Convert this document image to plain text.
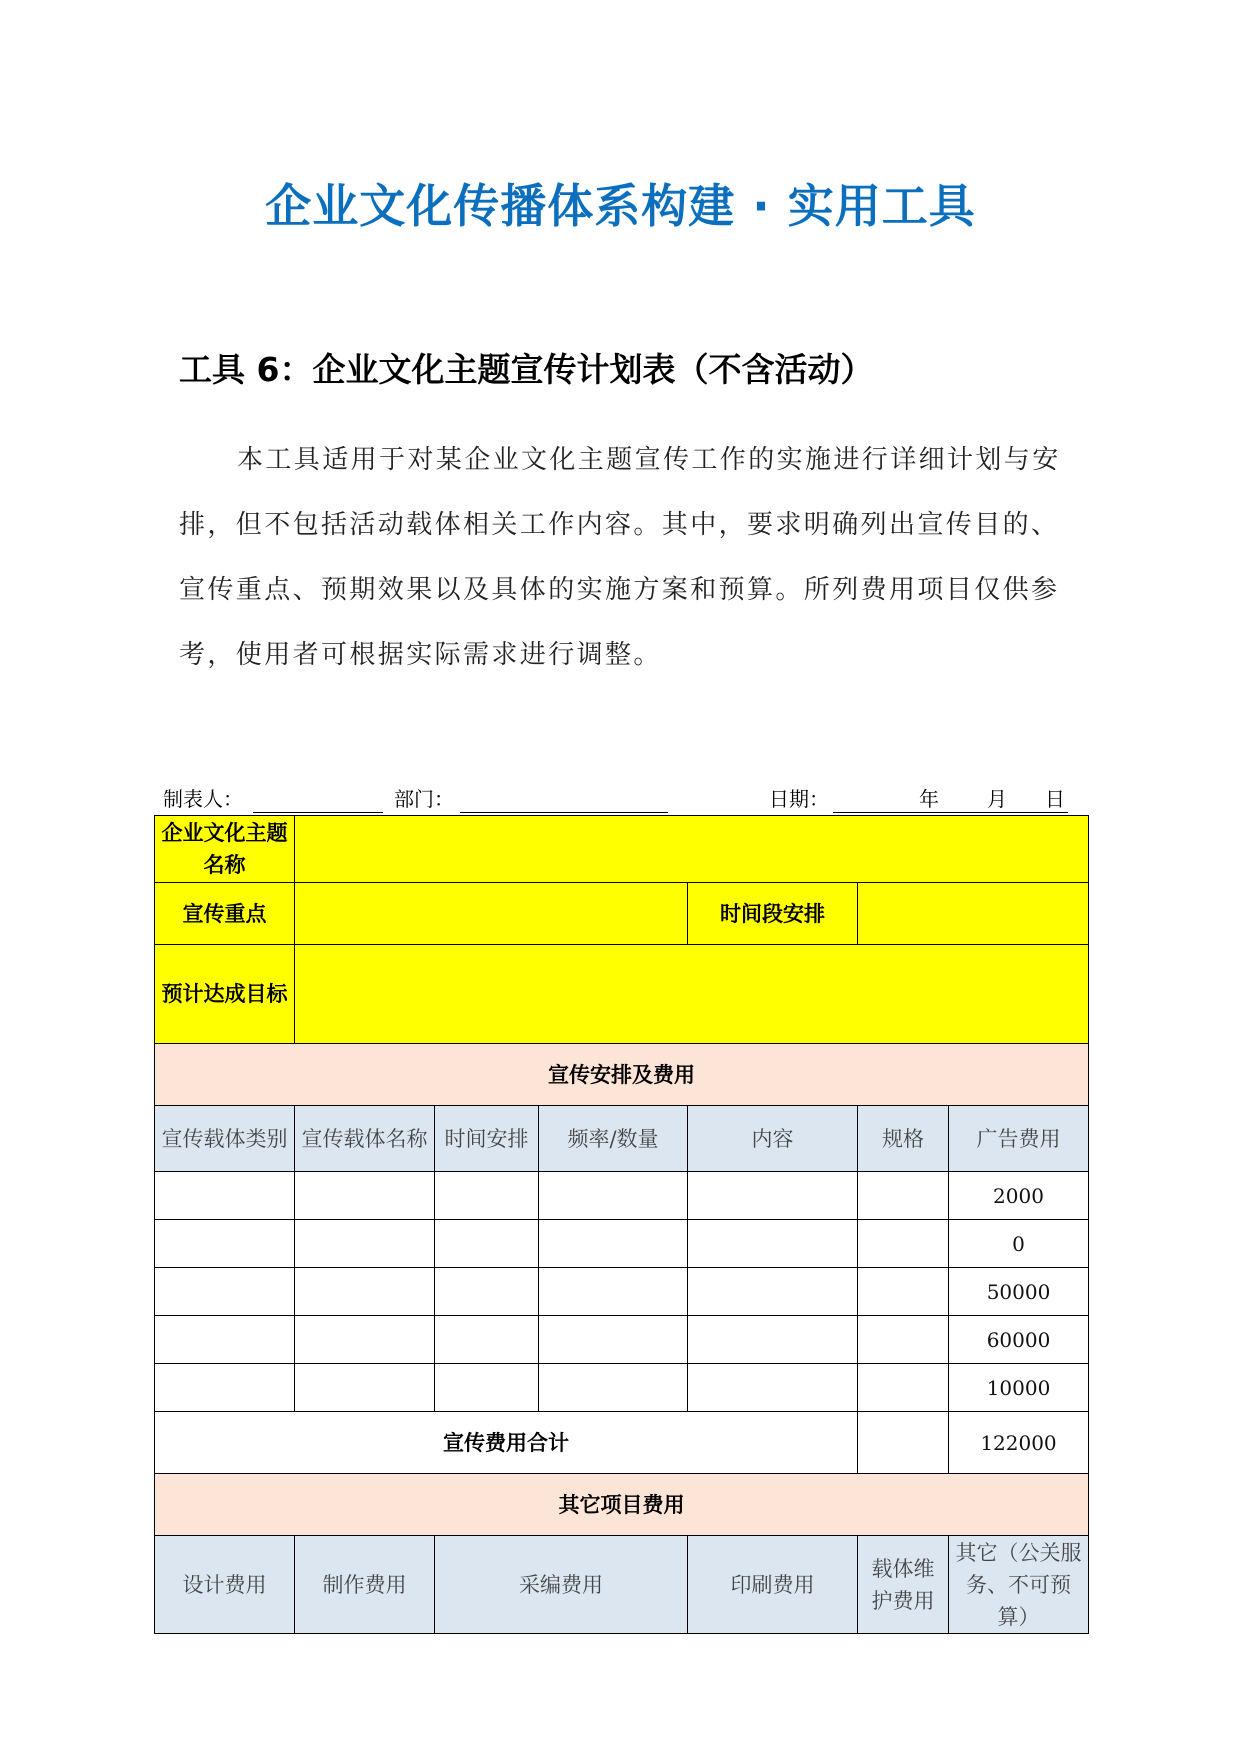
企业文化传播体系构建 · 实用工具
工具 6：企业文化主题宣传计划表（不含活动）

本工具适用于对某企业文化主题宣传工作的实施进行详细计划与安排，但不包括活动载体相关工作内容。其中，要求明确列出宣传目的、宣传重点、预期效果以及具体的实施方案和预算。所列费用项目仅供参考，使用者可根据实际需求进行调整。

制表人：	部门：	日期：	年 月 日
企业文化主题名称						
宣传重点				时间段安排		
预计达成目标						
宣传安排及费用						
宣传载体类别	宣传载体名称	时间安排	频率/数量	内容	规格	广告费用
						2000
						0
						50000
						60000
						10000
宣传费用合计						122000
其它项目费用						
设计费用	制作费用	采编费用		印刷费用	载体维护费用	其它（公关服务、不可预算）
